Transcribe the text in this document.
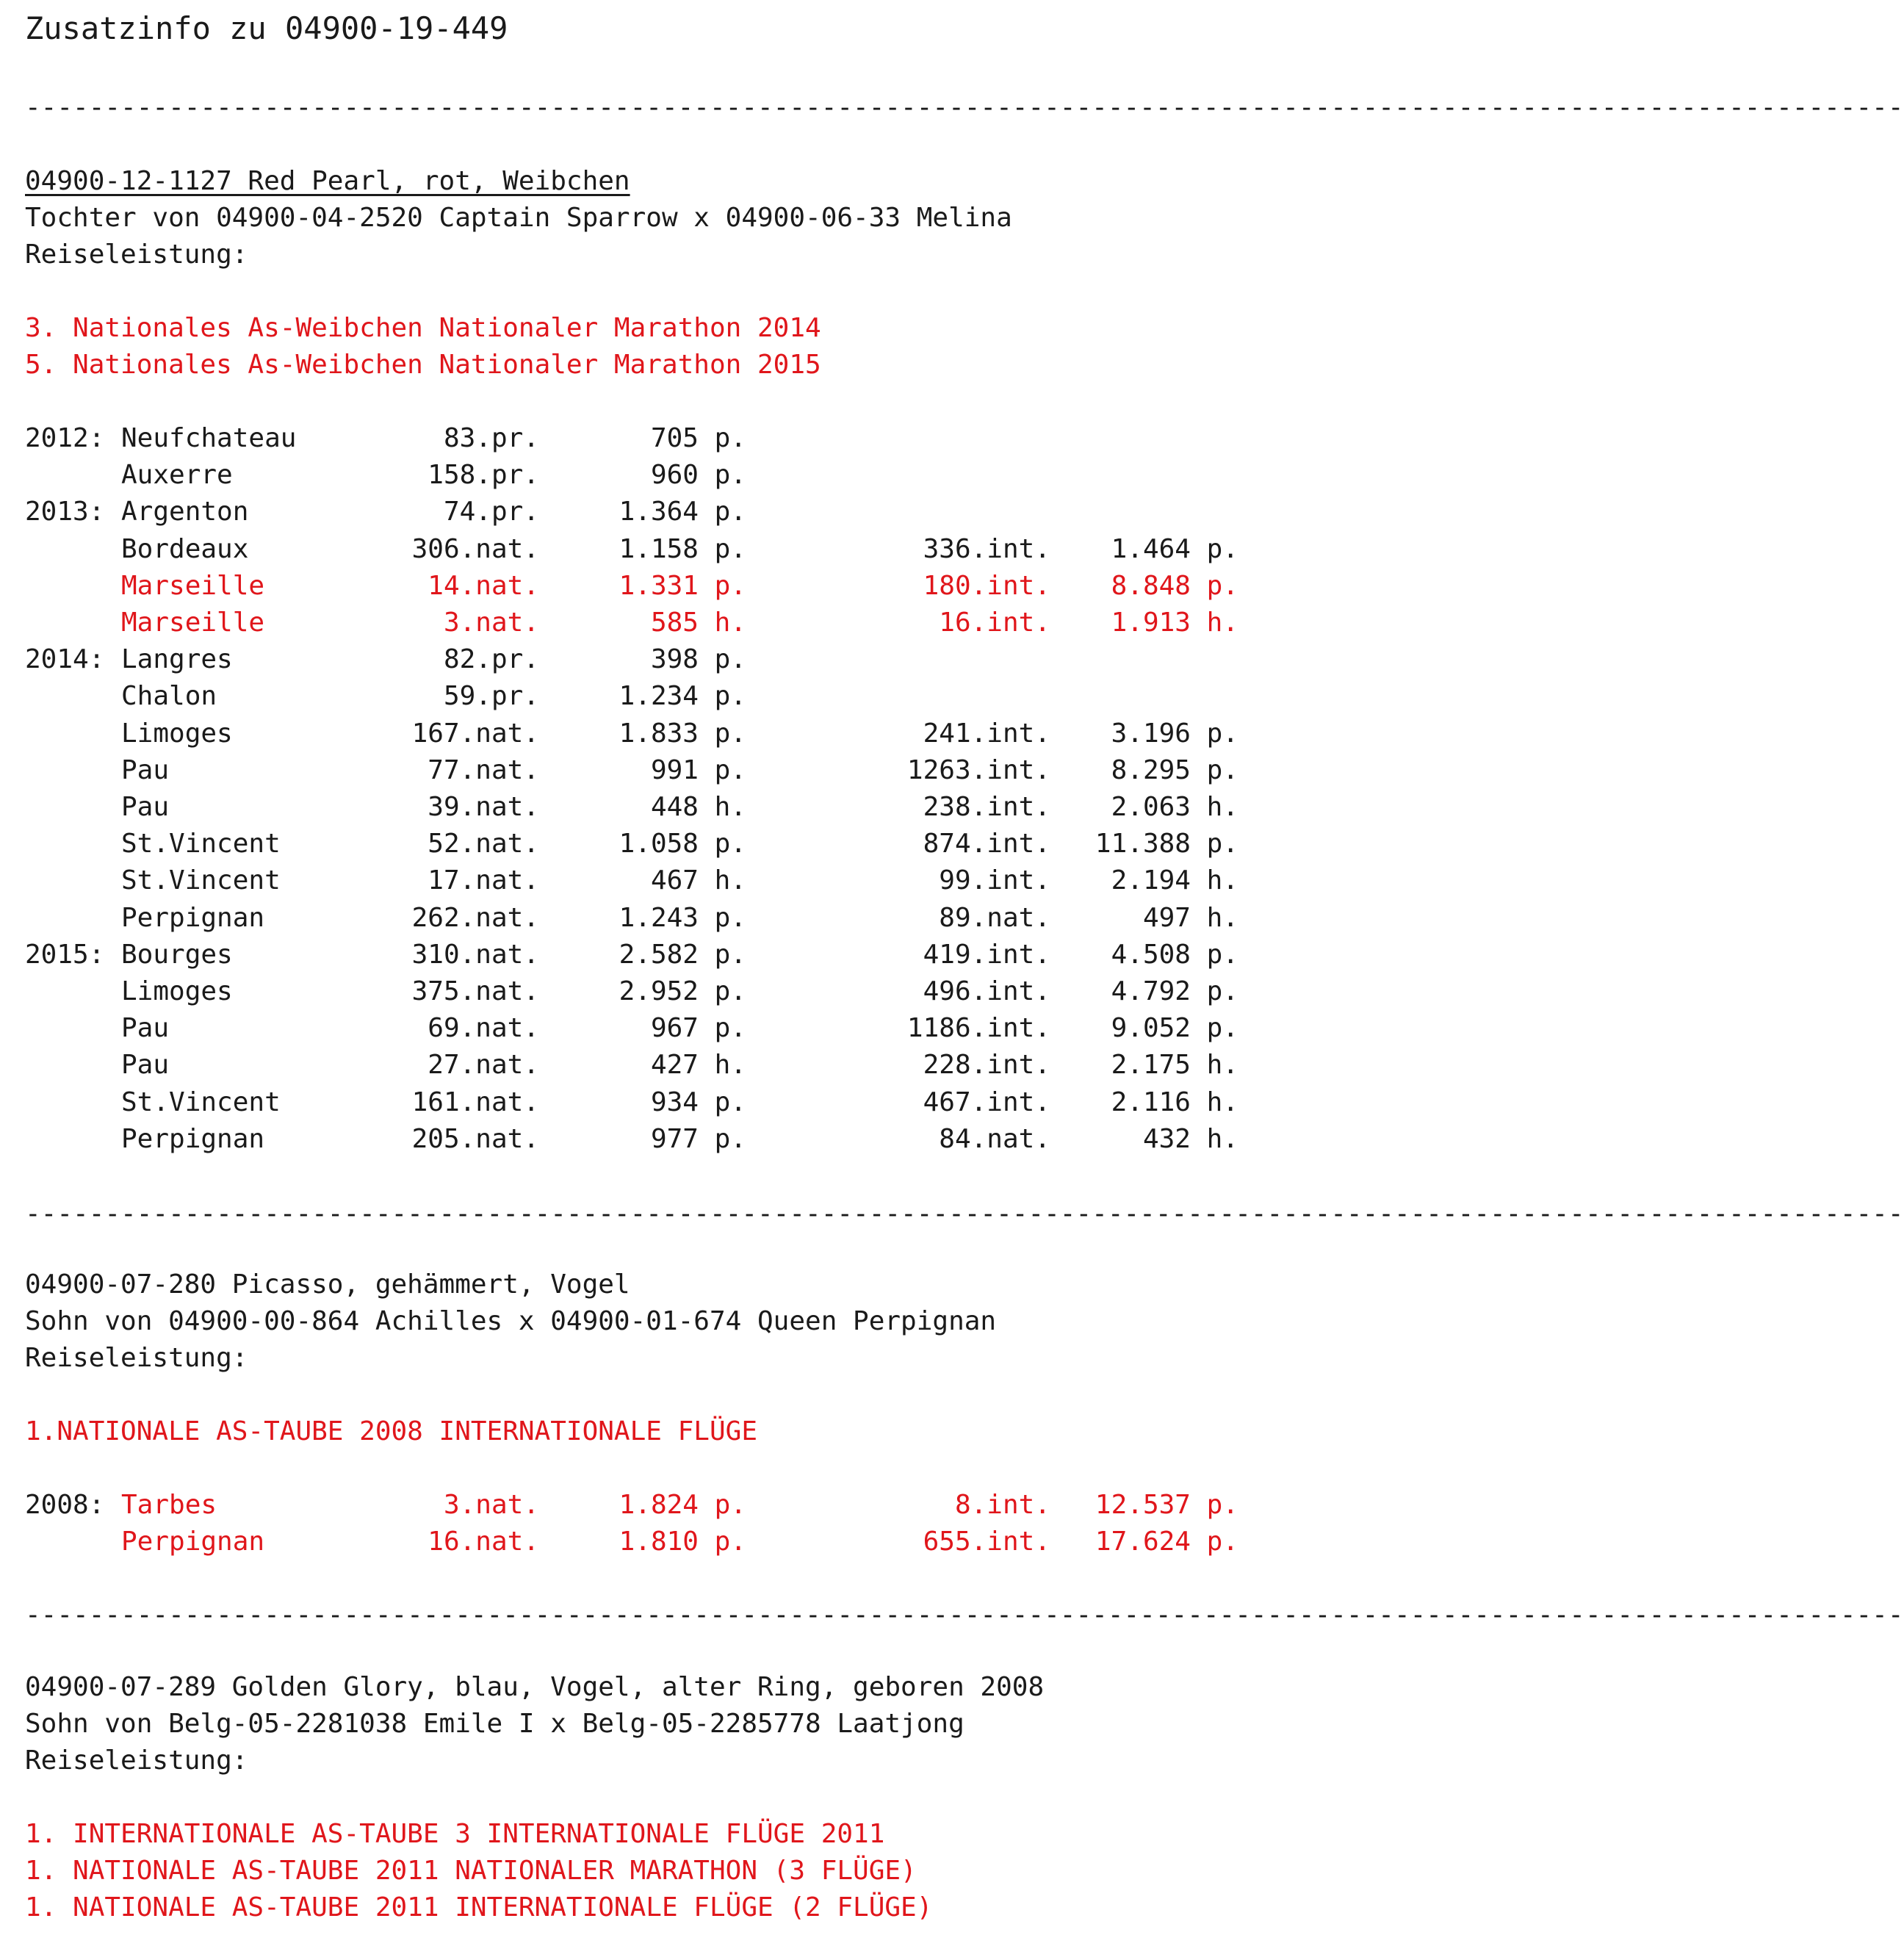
Zusatzinfo zu 04900-19-449
----------------------------------------------------------------------------------------------------------------------
04900-12-1127 Red Pearl, rot, Weibchen
Tochter von 04900-04-2520 Captain Sparrow x 04900-06-33 Melina
Reiseleistung:
3. Nationales As-Weibchen Nationaler Marathon 2014
5. Nationales As-Weibchen Nationaler Marathon 2015
2012: Neufchateau	83.pr.	705 p.
Auxerre	158.pr.	960 p.
2013: Argenton	74.pr.	1.364 p.
Bordeaux	306.nat.	1.158 p.	336.int.	1.464 p.
Marseille	14.nat.	1.331 p.	180.int.	8.848 p.
Marseille	3.nat.	585 h.	16.int.	1.913 h.
2014: Langres	82.pr.	398 p.
Chalon	59.pr.	1.234 p.
Limoges	167.nat.	1.833 p.	241.int.	3.196 p.
Pau	77.nat.	991 p.	1263.int.	8.295 p.
Pau	39.nat.	448 h.	238.int.	2.063 h.
St.Vincent	52.nat.	1.058 p.	874.int.	11.388 p.
St.Vincent	17.nat.	467 h.	99.int.	2.194 h.
Perpignan	262.nat.	1.243 p.	89.nat.	497 h.
2015: Bourges	310.nat.	2.582 p.	419.int.	4.508 p.
Limoges	375.nat.	2.952 p.	496.int.	4.792 p.
Pau	69.nat.	967 p.	1186.int.	9.052 p.
Pau	27.nat.	427 h.	228.int.	2.175 h.
St.Vincent	161.nat.	934 p.	467.int.	2.116 h.
Perpignan	205.nat.	977 p.	84.nat.	432 h.
----------------------------------------------------------------------------------------------------------------------
04900-07-280 Picasso, gehämmert, Vogel
Sohn von 04900-00-864 Achilles x 04900-01-674 Queen Perpignan
Reiseleistung:
1.NATIONALE AS-TAUBE 2008 INTERNATIONALE FLÜGE
2008: Tarbes	3.nat.	1.824 p.	8.int.	12.537 p.
Perpignan	16.nat.	1.810 p.	655.int.	17.624 p.
----------------------------------------------------------------------------------------------------------------------
04900-07-289 Golden Glory, blau, Vogel, alter Ring, geboren 2008
Sohn von Belg-05-2281038 Emile I x Belg-05-2285778 Laatjong
Reiseleistung:
1. INTERNATIONALE AS-TAUBE 3 INTERNATIONALE FLÜGE 2011
1. NATIONALE AS-TAUBE 2011 NATIONALER MARATHON (3 FLÜGE)
1. NATIONALE AS-TAUBE 2011 INTERNATIONALE FLÜGE (2 FLÜGE)
